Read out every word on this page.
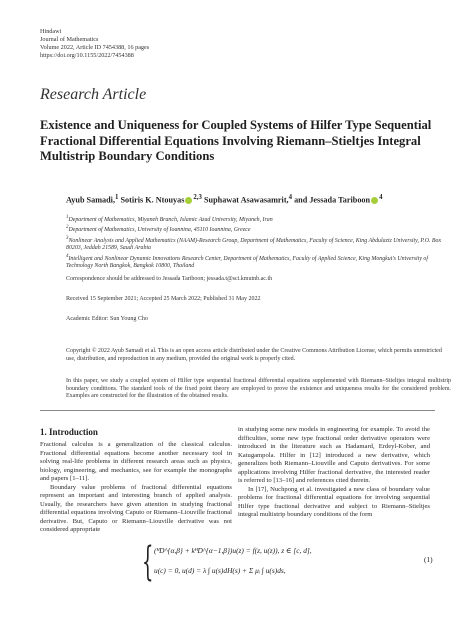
Hindawi
Journal of Mathematics
Volume 2022, Article ID 7454388, 16 pages
https://doi.org/10.1155/2022/7454388
Research Article
Existence and Uniqueness for Coupled Systems of Hilfer Type Sequential Fractional Differential Equations Involving Riemann–Stieltjes Integral Multistrip Boundary Conditions
Ayub Samadi,$^1$ Sotiris K. Ntouyas $^{2,3}$ Suphawat Asawasamrit,$^4$ and Jessada Tariboon $^4$
$^1$Department of Mathematics, Miyaneh Branch, Islamic Azad University, Miyaneh, Iran
$^2$Department of Mathematics, University of Ioannina, 45110 Ioannina, Greece
$^3$Nonlinear Analysis and Applied Mathematics (NAAM)-Research Group, Department of Mathematics, Faculty of Science, King Abdulaziz University, P.O. Box 80203, Jeddah 21589, Saudi Arabia
$^4$Intelligent and Nonlinear Dynamic Innovations Research Center, Department of Mathematics, Faculty of Applied Science, King Mongkut's University of Technology North Bangkok, Bangkok 10800, Thailand
Correspondence should be addressed to Jessada Tariboon; jessada.t@sci.kmutnb.ac.th
Received 15 September 2021; Accepted 25 March 2022; Published 31 May 2022
Academic Editor: Sun Young Cho
Copyright © 2022 Ayub Samadi et al. This is an open access article distributed under the Creative Commons Attribution License, which permits unrestricted use, distribution, and reproduction in any medium, provided the original work is properly cited.
In this paper, we study a coupled system of Hilfer type sequential fractional differential equations supplemented with Riemann–Stieltjes integral multistrip boundary conditions. The standard tools of the fixed point theory are employed to prove the existence and uniqueness results for the considered problem. Examples are constructed for the illustration of the obtained results.
1. Introduction

Fractional calculus is a generalization of the classical calculus. Fractional differential equations become another necessary tool in solving real-life problems in different research areas such as physics, biology, engineering, and mechanics, see for example the monographs and papers [1–11].

Boundary value problems of fractional differential equations represent an important and interesting branch of applied analysis. Usually, the researchers have given attention in studying fractional differential equations involving Caputo or Riemann–Liouville fractional derivative. But, Caputo or Riemann–Liouville derivative was not considered appropriate

in studying some new models in engineering for example. To avoid the difficulties, some new type fractional order derivative operators were introduced in the literature such as Hadamard, Erdeyl-Kober, and Katugampola. Hilfer in [12] introduced a new derivative, which generalizes both Riemann–Liouville and Caputo derivatives. For some applications involving Hilfer fractional derivative, the interested reader is referred to [13–16] and references cited therein.

In [17], Nuchpong et al. investigated a new class of boundary value problems for fractional differential equations for involving sequential Hilfer type fractional derivative and subject to Riemann–Stieltjes integral multistrip boundary conditions of the form

{ (ᴴD^{α,β} + kᴴD^{α−1,β})u(z) = f(z, u(z)), z ∈ [c, d],
u(c) = 0, u(d) = λ ∫ u(s)dH(s) + Σ μᵢ ∫ u(s)ds,
(1)
